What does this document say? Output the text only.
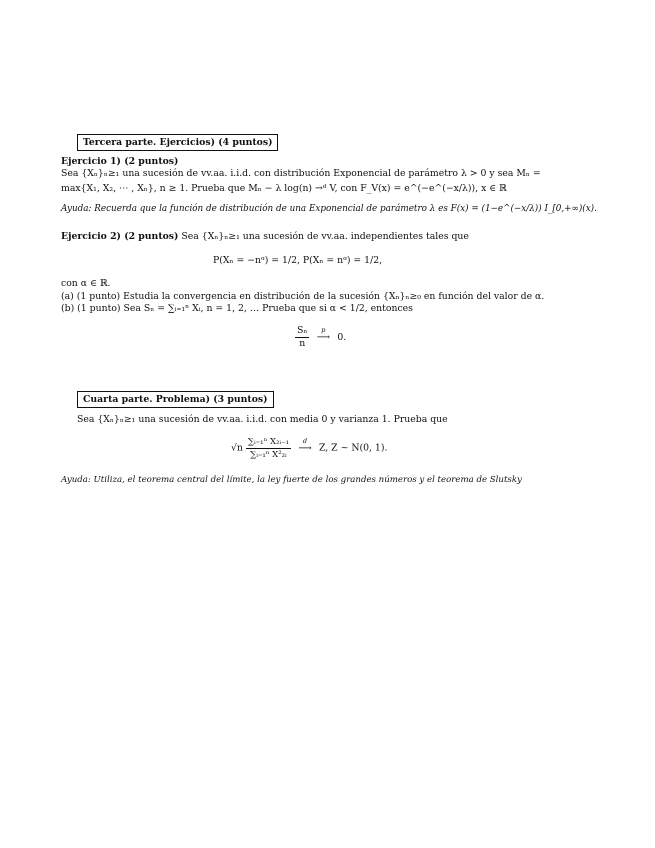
Tercera parte. Ejercicios) (4 puntos)
Ejercicio 1) (2 puntos)
Sea {Xₙ}ₙ≥₁ una sucesión de vv.aa. i.i.d. con distribución Exponencial de parámetro λ > 0 y sea Mₙ =
max{X₁, X₂, ⋯ , Xₙ}, n ≥ 1. Prueba que Mₙ − λ log(n) →ᵈ V, con F_V(x) = e^(−e^(−x/λ)), x ∈ ℝ
Ayuda: Recuerda que la función de distribución de una Exponencial de parámetro λ es F(x) = (1−e^(−x/λ)) I_[0,+∞)(x).
Ejercicio 2) (2 puntos) Sea {Xₙ}ₙ≥₁ una sucesión de vv.aa. independientes tales que
P(Xₙ = −nᵅ) = 1/2, P(Xₙ = nᵅ) = 1/2,
con α ∈ ℝ.
(a) (1 punto) Estudia la convergencia en distribución de la sucesión {Xₙ}ₙ≥₀ en función del valor de α.
(b) (1 punto) Sea Sₙ = ∑ᵢ₌₁ⁿ Xᵢ, n = 1, 2, … Prueba que si α < 1/2, entonces
$\frac{\text{Sₙ}}{n}$
	p
⟶ 0.
Cuarta parte. Problema) (3 puntos)
Sea {Xₙ}ₙ≥₁ una sucesión de vv.aa. i.i.d. con media 0 y varianza 1. Prueba que
$√n \frac{\text{∑ᵢ₌₁ⁿ X₂ᵢ₋₁}}{\text{∑ᵢ₌₁ⁿ X²₂ᵢ}}$
	d
⟶ Z, Z ∼ N(0, 1).
Ayuda: Utiliza, el teorema central del límite, la ley fuerte de los grandes números y el teorema de Slutsky
